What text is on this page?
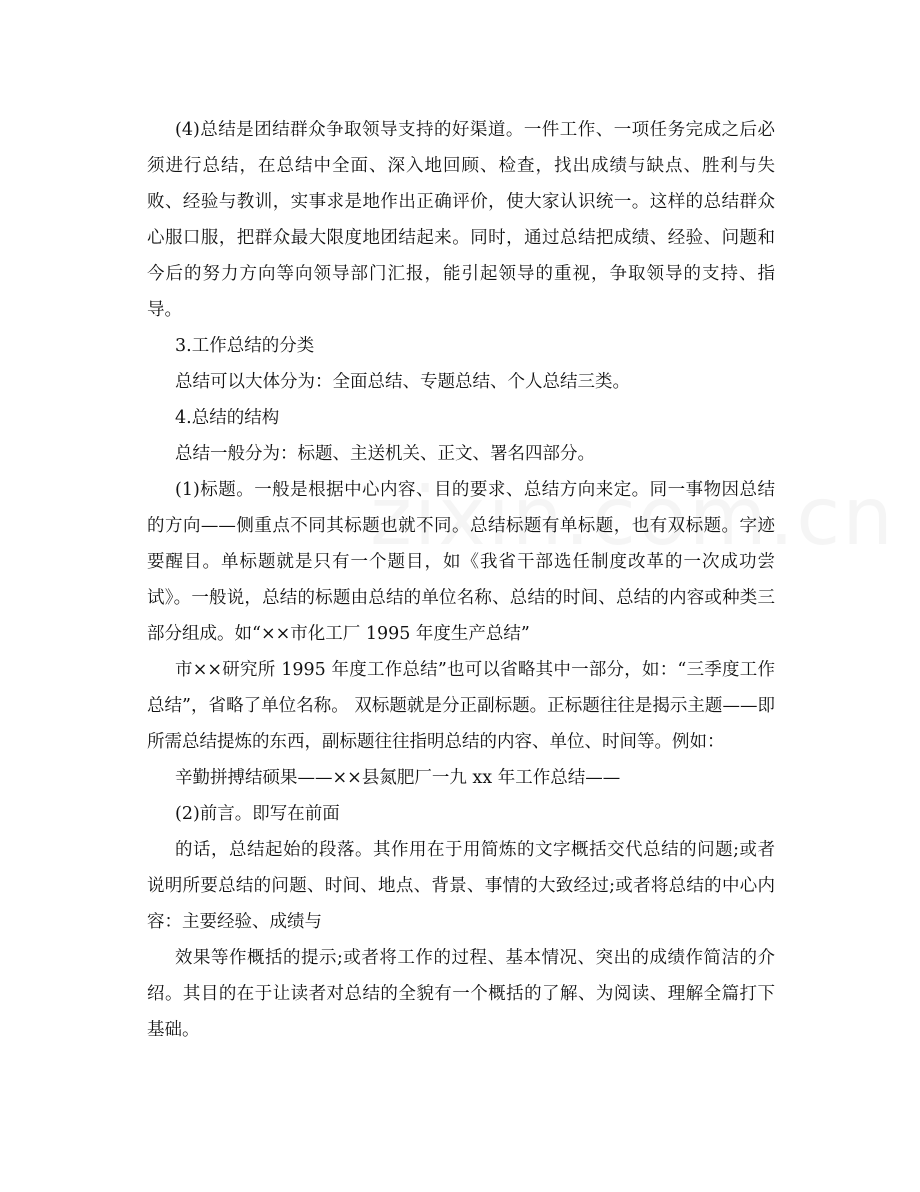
(4)总结是团结群众争取领导支持的好渠道。一件工作、一项任务完成之后必须进行总结，在总结中全面、深入地回顾、检查，找出成绩与缺点、胜利与失败、经验与教训，实事求是地作出正确评价，使大家认识统一。这样的总结群众心服口服，把群众最大限度地团结起来。同时，通过总结把成绩、经验、问题和今后的努力方向等向领导部门汇报，能引起领导的重视，争取领导的支持、指导。

3.工作总结的分类

总结可以大体分为：全面总结、专题总结、个人总结三类。

4.总结的结构

总结一般分为：标题、主送机关、正文、署名四部分。

(1)标题。一般是根据中心内容、目的要求、总结方向来定。同一事物因总结的方向——侧重点不同其标题也就不同。总结标题有单标题，也有双标题。字迹要醒目。单标题就是只有一个题目，如《我省干部选任制度改革的一次成功尝试》。一般说，总结的标题由总结的单位名称、总结的时间、总结的内容或种类三部分组成。如“××市化工厂 1995 年度生产总结”

市××研究所 1995 年度工作总结”也可以省略其中一部分，如：“三季度工作总结”，省略了单位名称。 双标题就是分正副标题。正标题往往是揭示主题——即所需总结提炼的东西，副标题往往指明总结的内容、单位、时间等。例如：

辛勤拼搏结硕果——××县氮肥厂一九 xx 年工作总结——

(2)前言。即写在前面

的话，总结起始的段落。其作用在于用简炼的文字概括交代总结的问题;或者说明所要总结的问题、时间、地点、背景、事情的大致经过;或者将总结的中心内容：主要经验、成绩与

效果等作概括的提示;或者将工作的过程、基本情况、突出的成绩作简洁的介绍。其目的在于让读者对总结的全貌有一个概括的了解、为阅读、理解全篇打下基础。
